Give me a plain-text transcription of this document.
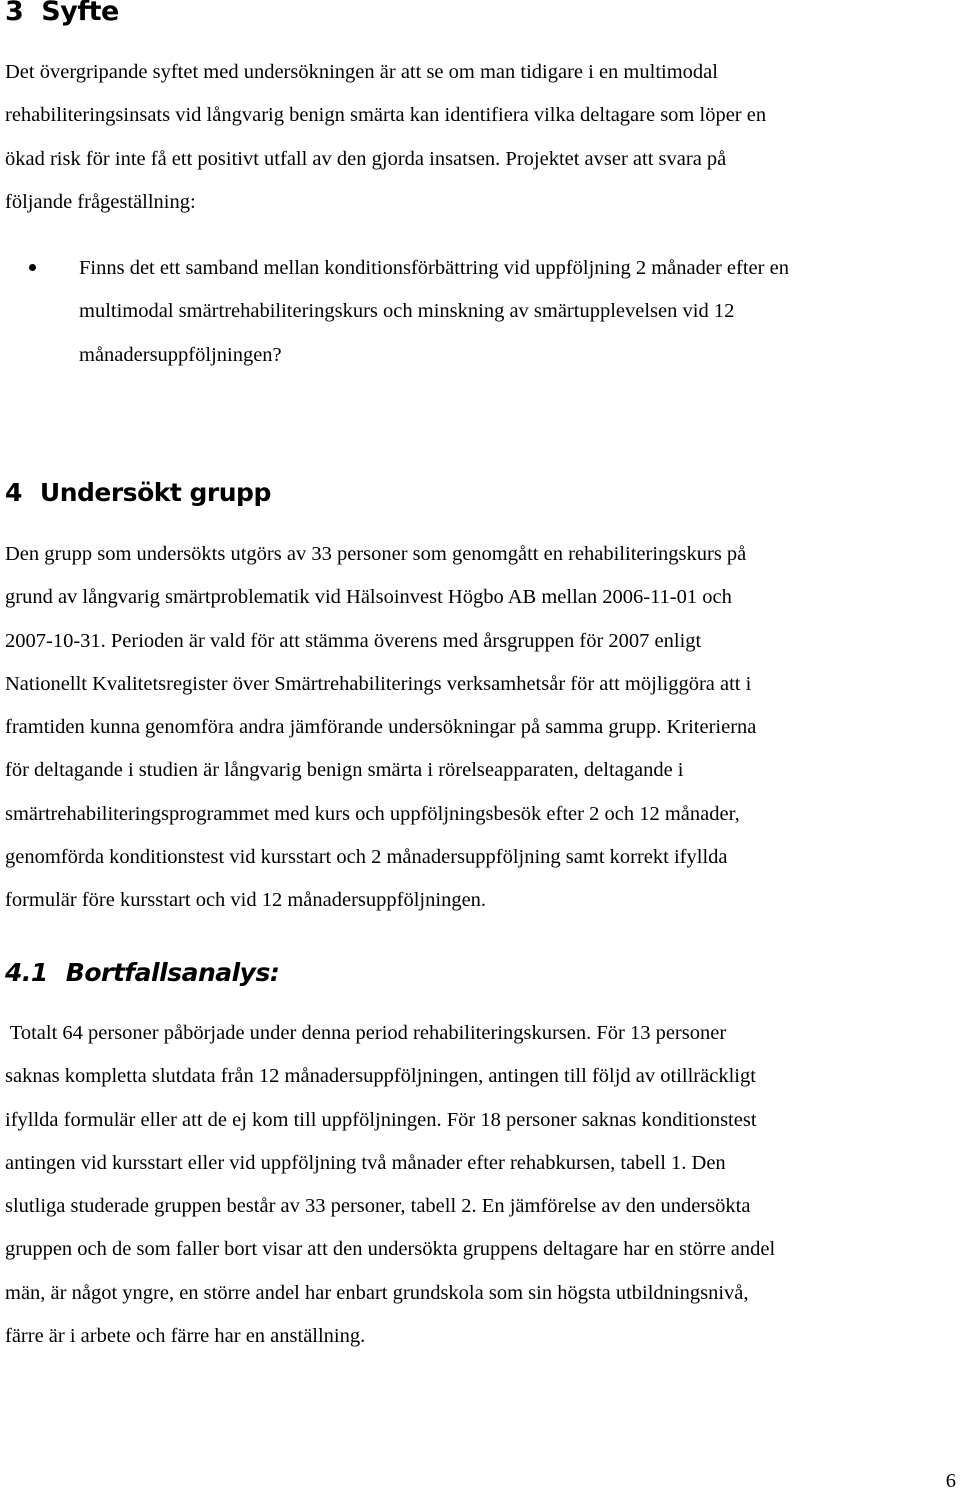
3 Syfte

Det övergripande syftet med undersökningen är att se om man tidigare i en multimodal
rehabiliteringsinsats vid långvarig benign smärta kan identifiera vilka deltagare som löper en
ökad risk för inte få ett positivt utfall av den gjorda insatsen. Projektet avser att svara på
följande frågeställning:

Finns det ett samband mellan konditionsförbättring vid uppföljning 2 månader efter en
multimodal smärtrehabiliteringskurs och minskning av smärtupplevelsen vid 12
månadersuppföljningen?
4 Undersökt grupp

Den grupp som undersökts utgörs av 33 personer som genomgått en rehabiliteringskurs på
grund av långvarig smärtproblematik vid Hälsoinvest Högbo AB mellan 2006-11-01 och
2007-10-31. Perioden är vald för att stämma överens med årsgruppen för 2007 enligt
Nationellt Kvalitetsregister över Smärtrehabiliterings verksamhetsår för att möjliggöra att i
framtiden kunna genomföra andra jämförande undersökningar på samma grupp. Kriterierna
för deltagande i studien är långvarig benign smärta i rörelseapparaten, deltagande i
smärtrehabiliteringsprogrammet med kurs och uppföljningsbesök efter 2 och 12 månader,
genomförda konditionstest vid kursstart och 2 månadersuppföljning samt korrekt ifyllda
formulär före kursstart och vid 12 månadersuppföljningen.

4.1 Bortfallsanalys:

Totalt 64 personer påbörjade under denna period rehabiliteringskursen. För 13 personer
saknas kompletta slutdata från 12 månadersuppföljningen, antingen till följd av otillräckligt
ifyllda formulär eller att de ej kom till uppföljningen. För 18 personer saknas konditionstest
antingen vid kursstart eller vid uppföljning två månader efter rehabkursen, tabell 1. Den
slutliga studerade gruppen består av 33 personer, tabell 2. En jämförelse av den undersökta
gruppen och de som faller bort visar att den undersökta gruppens deltagare har en större andel
män, är något yngre, en större andel har enbart grundskola som sin högsta utbildningsnivå,
färre är i arbete och färre har en anställning.

6
